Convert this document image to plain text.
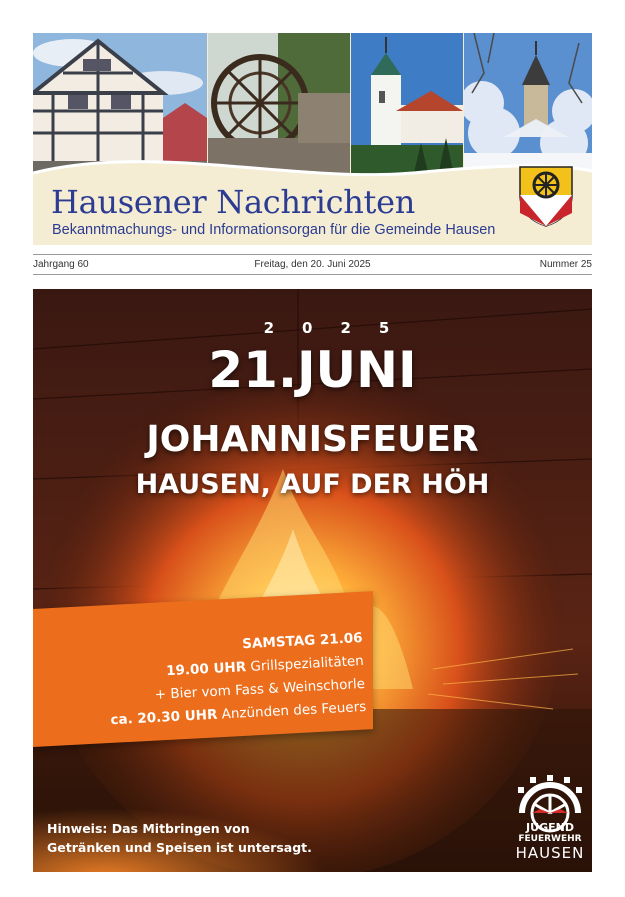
Hausener Nachrichten

Bekanntmachungs- und Informationsorgan für die Gemeinde Hausen

Jahrgang 60	Freitag, den 20. Juni 2025	Nummer 25
2025
21.JUNI
JOHANNISFEUER
HAUSEN, AUF DER HÖH
SAMSTAG 21.06
19.00 UHR Grillspezialitäten
+ Bier vom Fass & Weinschorle
ca. 20.30 UHR Anzünden des Feuers
Hinweis: Das Mitbringen von
Getränken und Speisen ist untersagt.
JUGEND
FEUERWEHR
HAUSEN
